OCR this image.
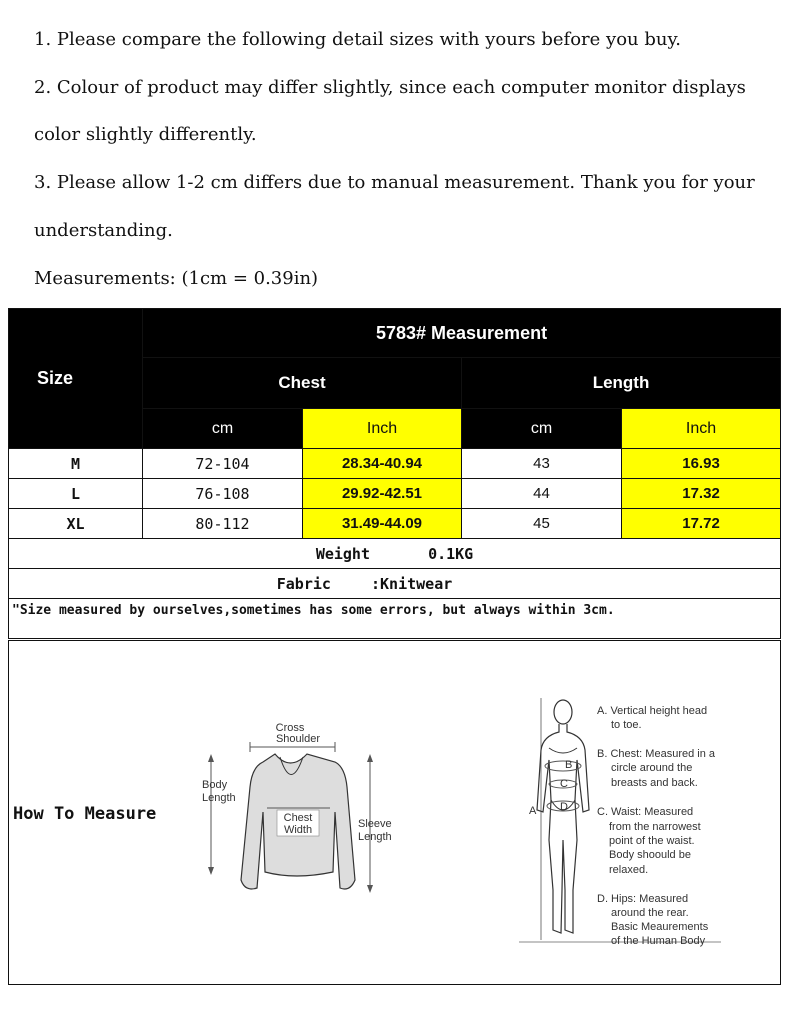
1. Please compare the following detail sizes with yours before you buy.
2. Colour of product may differ slightly, since each computer monitor displays
color slightly differently.
3. Please allow 1-2 cm differs due to manual measurement. Thank you for your
understanding.
Measurements: (1cm = 0.39in)
Size	5783# Measurement			
	Chest		Length	
	cm	Inch	cm	Inch
M	72-104	28.34-40.94	43	16.93
L	76-108	29.92-42.51	44	17.32
XL	80-112	31.49-44.09	45	17.72
Weight 0.1KG				
Fabric :Knitwear				
"Size measured by ourselves,sometimes has some errors, but always within 3cm.				
How To Measure
Cross
Shoulder
Body
Length
Chest
Width	Sleeve
Length
B
C
D
A
A. Vertical height head
to toe.
B. Chest: Measured in a
circle around the
breasts and back.
C. Waist: Measured
from the narrowest
point of the waist.
Body shoould be
relaxed.
D. Hips: Measured
around the rear.
Basic Meaurements
of the Human Body
